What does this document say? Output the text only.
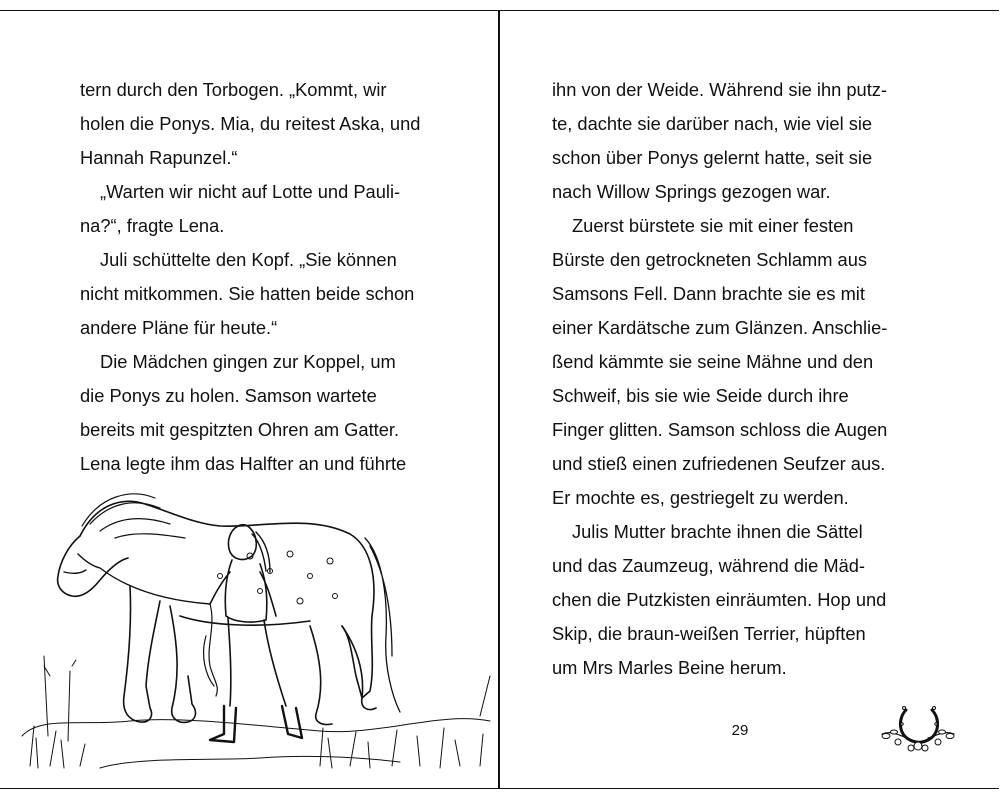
tern durch den Torbogen. „Kommt, wir
holen die Ponys. Mia, du reitest Aska, und
Hannah Rapunzel.“
„Warten wir nicht auf Lotte und Pauli-
na?“, fragte Lena.
Juli schüttelte den Kopf. „Sie können
nicht mitkommen. Sie hatten beide schon
andere Pläne für heute.“
Die Mädchen gingen zur Koppel, um
die Ponys zu holen. Samson wartete
bereits mit gespitzten Ohren am Gatter.
Lena legte ihm das Halfter an und führte
ihn von der Weide. Während sie ihn putz-
te, dachte sie darüber nach, wie viel sie
schon über Ponys gelernt hatte, seit sie
nach Willow Springs gezogen war.
Zuerst bürstete sie mit einer festen
Bürste den getrockneten Schlamm aus
Samsons Fell. Dann brachte sie es mit
einer Kardätsche zum Glänzen. Anschlie-
ßend kämmte sie seine Mähne und den
Schweif, bis sie wie Seide durch ihre
Finger glitten. Samson schloss die Augen
und stieß einen zufriedenen Seufzer aus.
Er mochte es, gestriegelt zu werden.
Julis Mutter brachte ihnen die Sättel
und das Zaumzeug, während die Mäd-
chen die Putzkisten einräumten. Hop und
Skip, die braun-weißen Terrier, hüpften
um Mrs Marles Beine herum.
29
